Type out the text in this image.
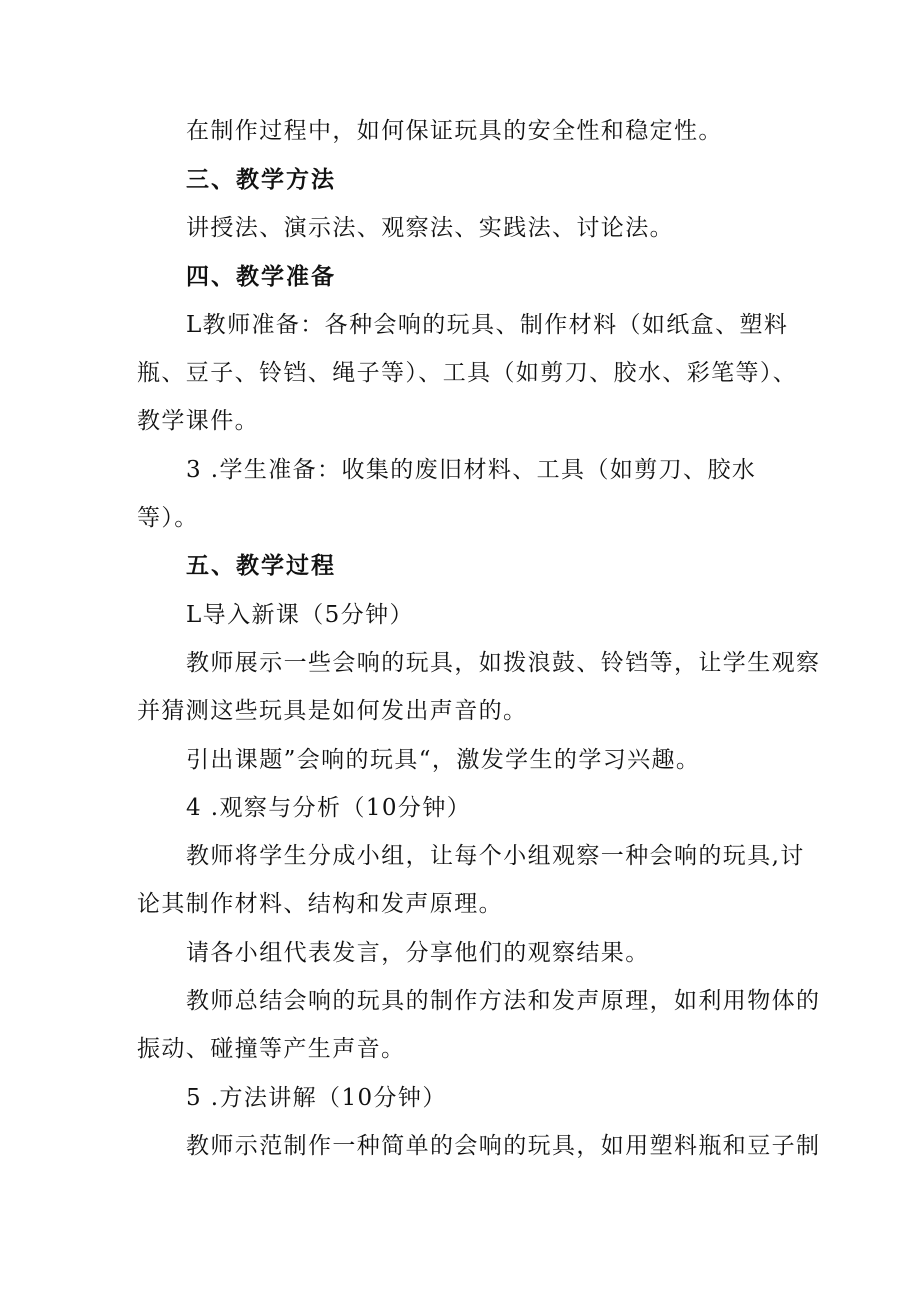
在制作过程中，如何保证玩具的安全性和稳定性。
三、教学方法
讲授法、演示法、观察法、实践法、讨论法。
四、教学准备
L教师准备：各种会响的玩具、制作材料（如纸盒、塑料
瓶、豆子、铃铛、绳子等）、工具（如剪刀、胶水、彩笔等）、
教学课件。
3 .学生准备：收集的废旧材料、工具（如剪刀、胶水
等）。
五、教学过程
L导入新课（5分钟）
教师展示一些会响的玩具，如拨浪鼓、铃铛等，让学生观察
并猜测这些玩具是如何发出声音的。
引出课题”会响的玩具“，激发学生的学习兴趣。
4 .观察与分析（10分钟）
教师将学生分成小组，让每个小组观察一种会响的玩具,讨
论其制作材料、结构和发声原理。
请各小组代表发言，分享他们的观察结果。
教师总结会响的玩具的制作方法和发声原理，如利用物体的
振动、碰撞等产生声音。
5 .方法讲解（10分钟）
教师示范制作一种简单的会响的玩具，如用塑料瓶和豆子制
